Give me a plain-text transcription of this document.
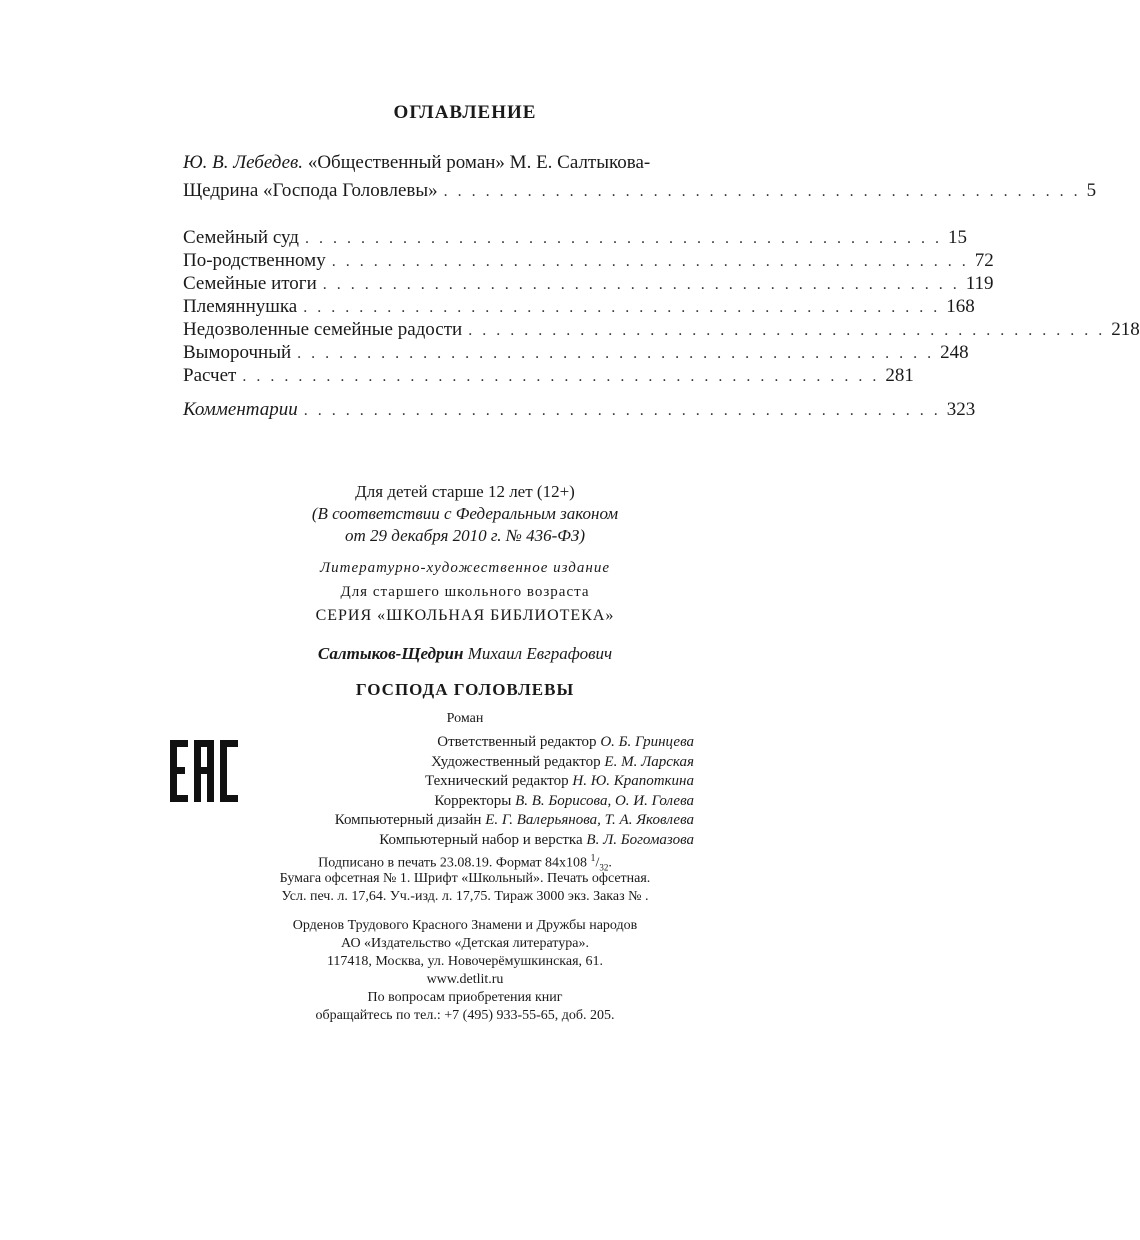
ОГЛАВЛЕНИЕ
Ю. В. Лебедев. «Общественный роман» М. Е. Салтыкова-
Щедрина «Господа Головлевы» . . . . . . . . . . . . . . . . . . . . . . . . . . . . . . . . . . . . . . . . . . . . . . 5
Семейный суд . . . . . . . . . . . . . . . . . . . . . . . . . . . . . . . . . . . . . . . . . . . . . . 15
По-родственному . . . . . . . . . . . . . . . . . . . . . . . . . . . . . . . . . . . . . . . . . . . . . . 72
Семейные итоги . . . . . . . . . . . . . . . . . . . . . . . . . . . . . . . . . . . . . . . . . . . . . . 119
Племяннушка . . . . . . . . . . . . . . . . . . . . . . . . . . . . . . . . . . . . . . . . . . . . . . 168
Недозволенные семейные радости . . . . . . . . . . . . . . . . . . . . . . . . . . . . . . . . . . . . . . . . . . . . . . 218
Выморочный . . . . . . . . . . . . . . . . . . . . . . . . . . . . . . . . . . . . . . . . . . . . . . 248
Расчет . . . . . . . . . . . . . . . . . . . . . . . . . . . . . . . . . . . . . . . . . . . . . . 281
Комментарии . . . . . . . . . . . . . . . . . . . . . . . . . . . . . . . . . . . . . . . . . . . . . . 323
Для детей старше 12 лет (12+)
(В соответствии с Федеральным законом
от 29 декабря 2010 г. № 436-ФЗ)
Литературно-художественное издание
Для старшего школьного возраста
СЕРИЯ «ШКОЛЬНАЯ БИБЛИОТЕКА»
Салтыков-Щедрин Михаил Евграфович
ГОСПОДА ГОЛОВЛЕВЫ
Роман
Ответственный редактор О. Б. Гринцева
Художественный редактор Е. М. Ларская
Технический редактор Н. Ю. Крапоткина
Корректоры В. В. Борисова, О. И. Голева
Компьютерный дизайн Е. Г. Валерьянова, Т. А. Яковлева
Компьютерный набор и верстка В. Л. Богомазова
Подписано в печать 23.08.19. Формат 84x108 $^1/_{32}$.
Бумага офсетная № 1. Шрифт «Школьный». Печать офсетная.
Усл. печ. л. 17,64. Уч.-изд. л. 17,75. Тираж 3000 экз. Заказ № .
Орденов Трудового Красного Знамени и Дружбы народов
АО «Издательство «Детская литература».
117418, Москва, ул. Новочерёмушкинская, 61.
www.detlit.ru
По вопросам приобретения книг
обращайтесь по тел.: +7 (495) 933-55-65, доб. 205.
